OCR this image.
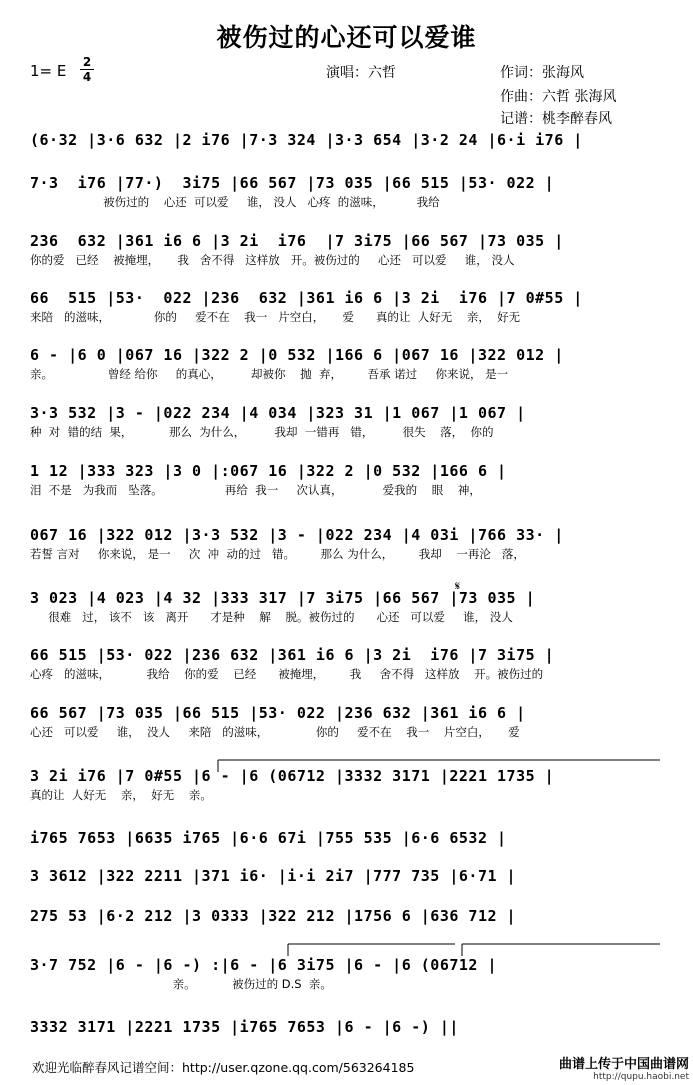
被伤过的心还可以爱谁
1= E 2
4	演唱：六哲	作词：张海风
作曲：六哲 张海风
记谱：桃李醉春风
(6·32 |3·6 632 |2 i76 |7·3 324 |3·3 654 |3·2 24 |6·i i76 |
7·3  i76 |77·)  3i75 |66 567 |73 035 |66 515 |53· 022 |
被伤过的    心还  可以爱     谁， 没人   心疼  的滋味，         我给
236  632 |361 i6 6 |3 2i  i76  |7 3i75 |66 567 |73 035 |
你的爱   已经    被掩埋，     我   舍不得   这样放   开。被伤过的     心还   可以爱     谁， 没人
66  515 |53·  022 |236  632 |361 i6 6 |3 2i  i76 |7 0#55 |
来陪   的滋味，            你的     爱不在    我一   片空白，     爱      真的让  人好无    亲，  好无
6 - |6 0 |067 16 |322 2 |0 532 |166 6 |067 16 |322 012 |
亲。               曾经 给你     的真心，        却被你    抛  弃，       吾承 诺过     你来说， 是一
3·3 532 |3 - |022 234 |4 034 |323 31 |1 067 |1 067 |
种  对  错的结  果，          那么  为什么，        我却  一错再   错，        很失    落，  你的
1 12 |333 323 |3 0 |:067 16 |322 2 |0 532 |166 6 |
泪  不是   为我而   坠落。                 再给  我一     次认真，           爱我的    眼    神，
067 16 |322 012 |3·3 532 |3 - |022 234 |4 03i |766 33· |
若誓 言对     你来说， 是一     次  冲  动的过   错。       那么 为什么，       我却    一再沦   落，
3 023 |4 023 |4 32 |333 317 |7 3i75 |66 567 |73 035 |
很难   过， 该不   该   离开      才是种    解    脱。被伤过的      心还   可以爱     谁， 没人
66 515 |53· 022 |236 632 |361 i6 6 |3 2i  i76 |7 3i75 |
心疼   的滋味，          我给    你的爱    已经      被掩埋，       我     舍不得   这样放    开。被伤过的
66 567 |73 035 |66 515 |53· 022 |236 632 |361 i6 6 |
心还   可以爱     谁，  没人     来陪   的滋味，             你的     爱不在    我一    片空白，     爱
3 2i i76 |7 0#55 |6 - |6 (06712 |3332 3171 |2221 1735 |
真的让  人好无    亲，  好无    亲。
i765 7653 |6635 i765 |6·6 67i |755 535 |6·6 6532 |
3 3612 |322 2211 |371 i6· |i·i 2i7 |777 735 |6·71 |
275 53 |6·2 212 |3 0333 |322 212 |1756 6 |636 712 |
3·7 752 |6 - |6 -) :|6 - |6 3i75 |6 - |6 (06712 |
亲。          被伤过的 D.S  亲。
3332 3171 |2221 1735 |i765 7653 |6 - |6 -) ||
𝄋
欢迎光临醉春风记谱空间：http://user.qzone.qq.com/563264185	曲谱上传于中国曲谱网
http://qupu.haobi.net
